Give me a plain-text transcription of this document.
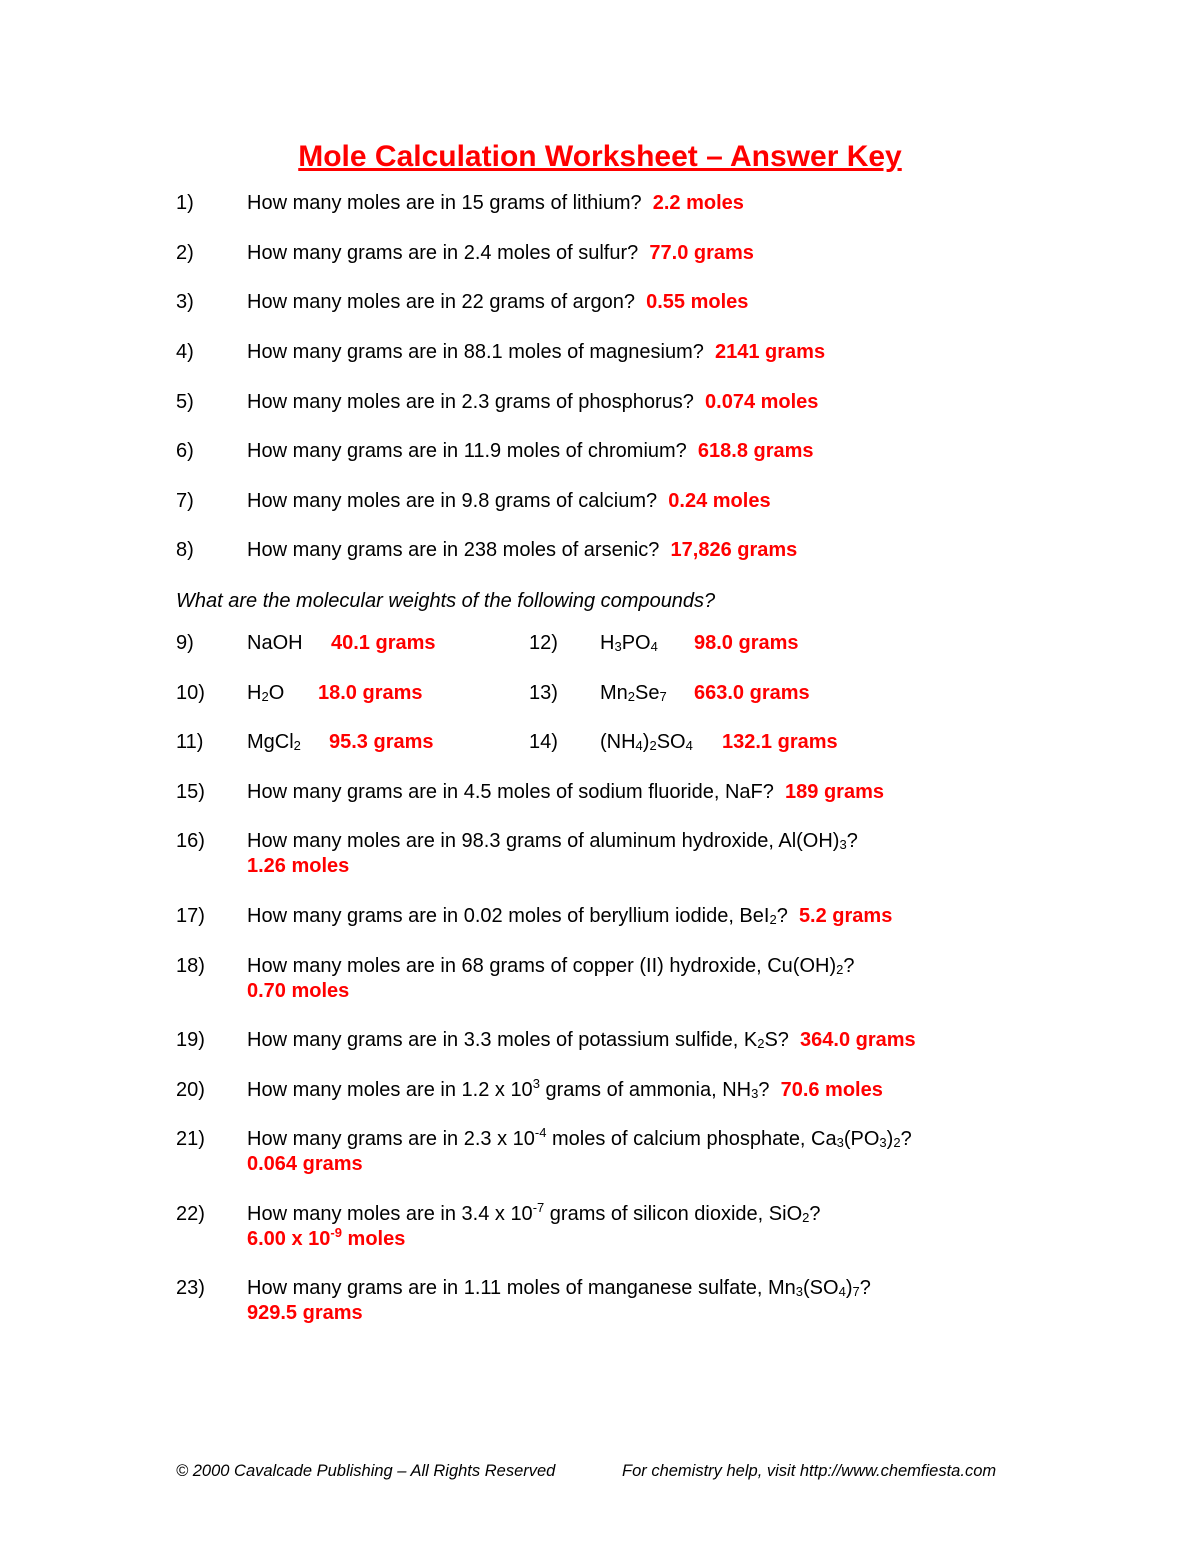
Mole Calculation Worksheet – Answer Key
1)	How many moles are in 15 grams of lithium? 2.2 moles
2)	How many grams are in 2.4 moles of sulfur? 77.0 grams
3)	How many moles are in 22 grams of argon? 0.55 moles
4)	How many grams are in 88.1 moles of magnesium? 2141 grams
5)	How many moles are in 2.3 grams of phosphorus? 0.074 moles
6)	How many grams are in 11.9 moles of chromium? 618.8 grams
7)	How many moles are in 9.8 grams of calcium? 0.24 moles
8)	How many grams are in 238 moles of arsenic? 17,826 grams
What are the molecular weights of the following compounds?
9)	NaOH 40.1 grams	12) $H_3PO_4$ 98.0 grams
10) $H_2O$ 18.0 grams	13) $Mn_2Se_7$ 663.0 grams
11) MgCl$_2$ 95.3 grams	14) $(NH_4)_2SO_4$ 132.1 grams
15) How many grams are in 4.5 moles of sodium fluoride, NaF? 189 grams
16) How many moles are in 98.3 grams of aluminum hydroxide, $Al(OH)_3$?
1.26 moles
17) How many grams are in 0.02 moles of beryllium iodide, BeI$_2$? 5.2 grams
18) How many moles are in 68 grams of copper (II) hydroxide, $Cu(OH)_2$?
0.70 moles
19) How many grams are in 3.3 moles of potassium sulfide, $K_2S$? 364.0 grams
20) How many moles are in 1.2 x $10^3$ grams of ammonia, $NH_3$? 70.6 moles
21) How many grams are in 2.3 x $10^{-4}$ moles of calcium phosphate, $Ca_3(PO_3)_2$?
0.064 grams
22) How many moles are in 3.4 x $10^{-7}$ grams of silicon dioxide, SiO$_2$?
6.00 x $10^{-9}$ moles
23) How many grams are in 1.11 moles of manganese sulfate, $Mn_3(SO_4)_7$?
929.5 grams
© 2000 Cavalcade Publishing – All Rights Reserved	For chemistry help, visit http://www.chemfiesta.com
